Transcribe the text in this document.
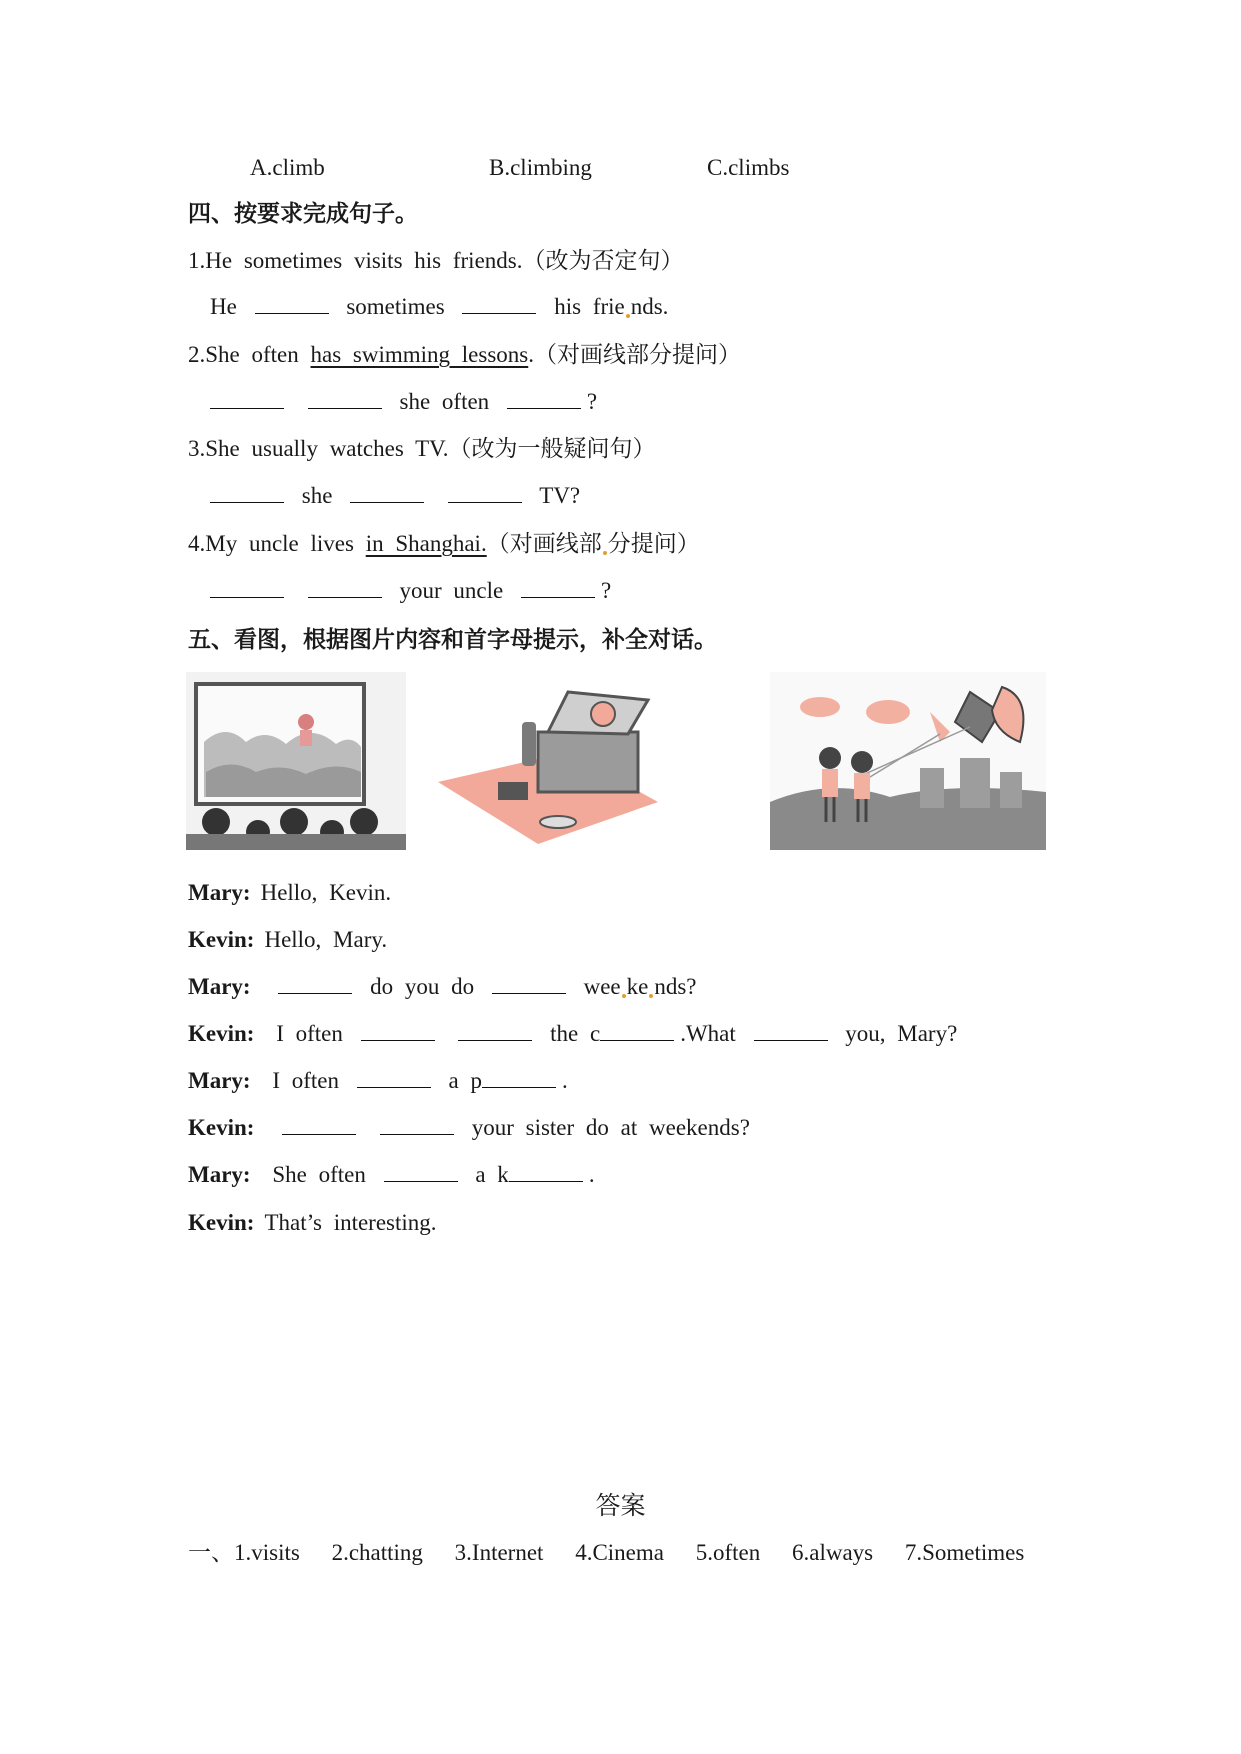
A.climb	B.climbing	C.climbs
四、按要求完成句子。
1.He sometimes visits his friends.（改为否定句）
He	sometimes	his frie nds.
2.She often has swimming lessons.（对画线部分提问）
she often	?
3.She usually watches TV.（改为一般疑问句）
she	TV?
4.My uncle lives in Shanghai.（对画线部 分提问）
your uncle	?
五、看图，根据图片内容和首字母提示，补全对话。
Mary: Hello, Kevin.
Kevin: Hello, Mary.
Mary:	do you do	wee ke nds?
Kevin: I often	the c	.What	you, Mary?
Mary: I often	a p	.
Kevin:	your sister do at weekends?
Mary: She often	a k	.
Kevin: That’s interesting.
答案
一、1.visits 2.chatting 3.Internet 4.Cinema 5.often 6.always 7.Sometimes
